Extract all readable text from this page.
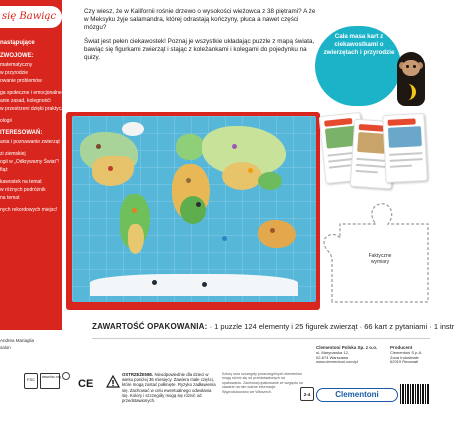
się Bawiąc
nastąpujące
ZWOJOWE:
matematyczny
w przyrodzie
owanie problemów
ga społeczne i emocjonalne
anie zasad, kolegnośći
w przestrzeni dzięki praktycznej
ologii
ITERESOWAŃ:
ania i poznawanie zwierząt
zi ziemskiej
ogii w „Odkrywamy Świat”!
fiąż
kawostek na temat
w różnych podróżnik
na temat
nych rekordowych miejsc!
Andrea Mariaglia
salon

Czy wiesz, że w Kalifornii rośnie drzewo o wysokości wieżowca z 38 piętrami? A że w Meksyku żyje salamandra, której odrastają kończyny, płuca a nawet części mózgu?

Świat jest pełen ciekawostek! Poznaj je wszystkie układając puzzle z mapą świata, bawiąc się figurkami zwierząt i stając z koleżankami i kolegami do pojedynku na quizy.

Cała masa kart z ciekawostkami o zwierzętach i przyrodzie
Faktyczne wymiary
ZAWARTOŚĆ OPAKOWANIA: · 1 puzzle 124 elementy i 25 figurek zwierząt · 66 kart z pytaniami · 1 instr
FSC	www.fsc.org
CE
OSTRZEŻENIE. Nieodpowiednie dla dzieci w wieku poniżej 36 miesięcy. Zawiera małe części, które mogą zostać połknięte. Ryzyko zadławienia się. Zachować w celu ewentualnego odwołania się. Kolory i szczegóły mogą się różnić od przedstawionych.
Kolory oraz szczegóły poszczególnych elementów mogą różnić się od przedstawionych na opakowaniu. Zachowaj opakowanie ze względu na zawarte na nim ważne informacje. Wyprodukowano we Włoszech.
Clementoni Polska Sp. z o.o.
ul. Marynarska 12,
02-674 Warszawa
www.clementoni.com/pl
Producent
Clementoni S.p.A.
Zona Industriale
62019 Recanati
2-4	Clementoni
